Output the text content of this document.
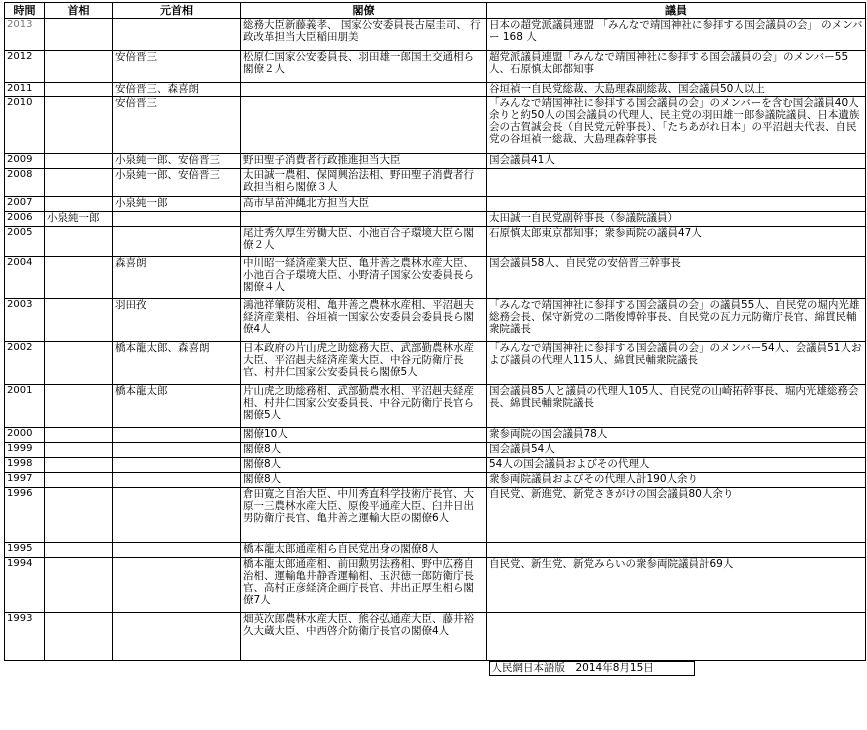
時間	首相	元首相	閣僚	議員
2013			総務大臣新藤義孝、 国家公安委員長古屋圭司、 行政改革担当大臣稲田朋美	日本の超党派議員連盟 「みんなで靖国神社に参拝する国会議員の会」 のメンバー 168 人
2012		安倍晋三	松原仁国家公安委員長、羽田雄一郎国土交通相ら閣僚２人	超党派議員連盟「みんなで靖国神社に参拝する国会議員の会」のメンバー55人、石原慎太郎都知事
2011		安倍晋三、森喜朗		谷垣禎一自民党総裁、大島理森副総裁、国会議員50人以上
2010		安倍晋三		「みんなで靖国神社に参拝する国会議員の会」のメンバーを含む国会議員40人余りと約50人の国会議員の代理人、民主党の羽田雄一郎参議院議員、日本遺族会の古賀誠会長（自民党元幹事長）、「たちあがれ日本」の平沼赳夫代表、自民党の谷垣禎一総裁、大島理森幹事長
2009		小泉純一郎、安倍晋三	野田聖子消費者行政推進担当大臣	国会議員41人
2008		小泉純一郎、安倍晋三	太田誠一農相、保岡興治法相、野田聖子消費者行政担当相ら閣僚３人	
2007		小泉純一郎	高市早苗沖縄北方担当大臣	
2006	小泉純一郎			太田誠一自民党副幹事長（参議院議員）
2005			尾辻秀久厚生労働大臣、小池百合子環境大臣ら閣僚２人	石原慎太郎東京都知事；衆参両院の議員47人
2004		森喜朗	中川昭一経済産業大臣、亀井善之農林水産大臣、小池百合子環境大臣、小野清子国家公安委員長ら閣僚４人	国会議員58人、自民党の安倍晋三幹事長
2003		羽田孜	鴻池祥肇防災相、亀井善之農林水産相、平沼赳夫経済産業相、谷垣禎一国家公安委員会委員長ら閣僚4人	「みんなで靖国神社に参拝する国会議員の会」の議員55人、自民党の堀内光雄総務会長、保守新党の二階俊博幹事長、自民党の瓦力元防衛庁長官、綿貫民輔衆院議長
2002		橋本龍太郎、森喜朗	日本政府の片山虎之助総務大臣、武部勤農林水産大臣、平沼赳夫経済産業大臣、中谷元防衛庁長官、村井仁国家公安委員長ら閣僚5人	「みんなで靖国神社に参拝する国会議員の会」のメンバー54人、会議員51人および議員の代理人115人、綿貫民輔衆院議長
2001		橋本龍太郎	片山虎之助総務相、武部勤農水相、平沼赳夫経産相、村井仁国家公安委員長、中谷元防衛庁長官ら閣僚5人	国会議員85人と議員の代理人105人、自民党の山崎拓幹事長、堀内光雄総務会長、綿貫民輔衆院議長
2000			閣僚10人	衆参両院の国会議員78人
1999			閣僚8人	国会議員54人
1998			閣僚8人	54人の国会議員およびその代理人
1997			閣僚8人	衆参両院議員およびその代理人計190人余り
1996			倉田寛之自治大臣、中川秀直科学技術庁長官、大原一三農林水産大臣、原俊平通産大臣、臼井日出男防衛庁長官、亀井善之運輸大臣の閣僚6人	自民党、新進党、新党さきがけの国会議員80人余り
1995			橋本龍太郎通産相ら自民党出身の閣僚8人	
1994			橋本龍太郎通産相、前田勲男法務相、野中広務自治相、運輸亀井静香運輸相、玉沢徳一郎防衛庁長官、高村正彦経済企画庁長官、井出正厚生相ら閣僚7人	自民党、新生党、新党みらいの衆参両院議員計69人
1993			畑英次郎農林水産大臣、熊谷弘通産大臣、藤井裕久大蔵大臣、中西啓介防衛庁長官の閣僚4人	

				人民網日本語版　2014年8月15日
